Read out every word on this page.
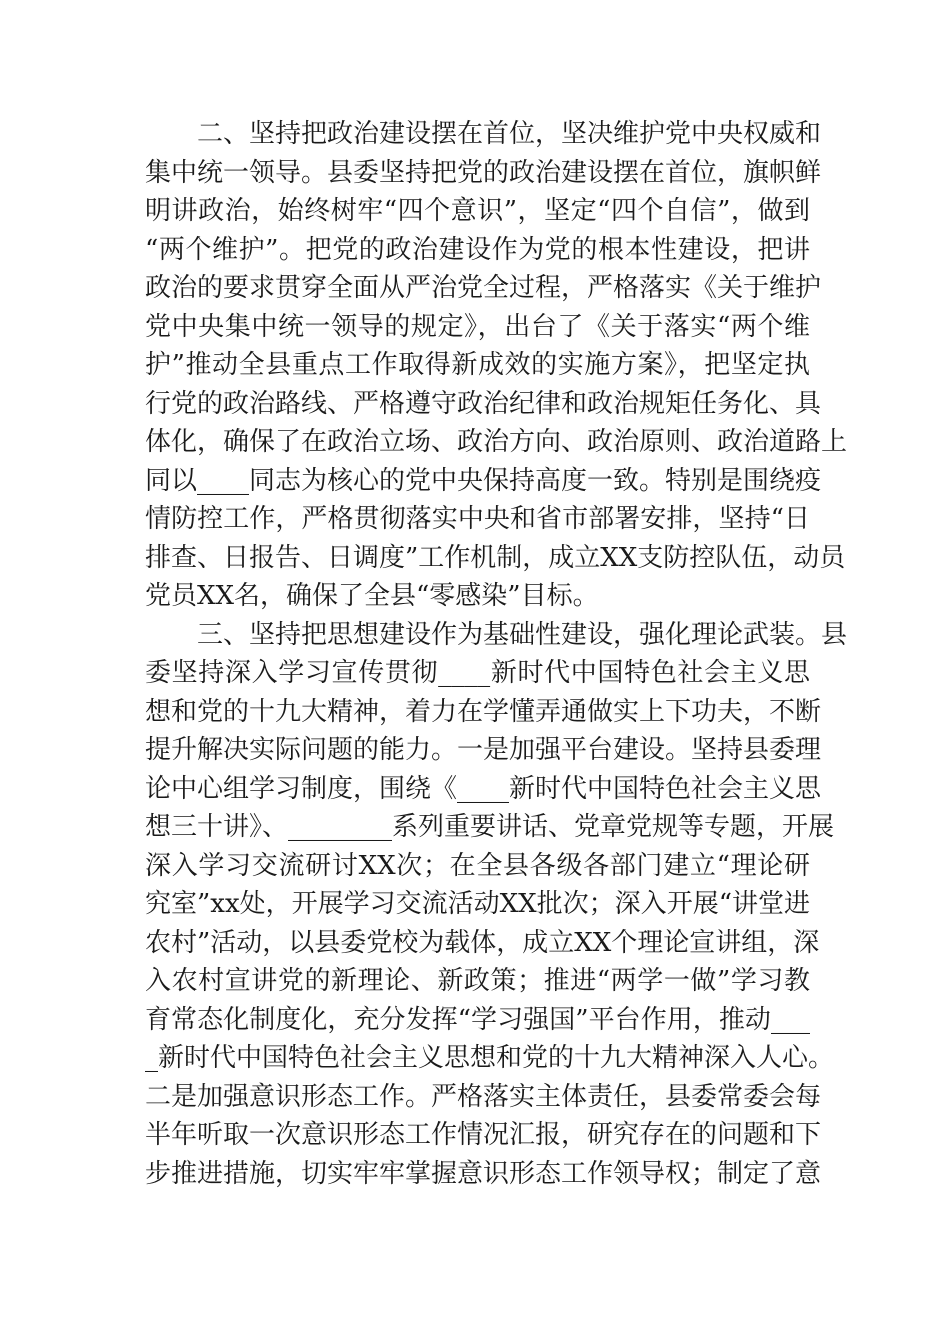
　　二、坚持把政治建设摆在首位，坚决维护党中央权威和
集中统一领导。县委坚持把党的政治建设摆在首位，旗帜鲜
明讲政治，始终树牢“四个意识”，坚定“四个自信”，做到
“两个维护”。把党的政治建设作为党的根本性建设，把讲
政治的要求贯穿全面从严治党全过程，严格落实《关于维护
党中央集中统一领导的规定》，出台了《关于落实“两个维
护”推动全县重点工作取得新成效的实施方案》，把坚定执
行党的政治路线、严格遵守政治纪律和政治规矩任务化、具
体化，确保了在政治立场、政治方向、政治原则、政治道路上
同以____同志为核心的党中央保持高度一致。特别是围绕疫
情防控工作，严格贯彻落实中央和省市部署安排，坚持“日
排查、日报告、日调度”工作机制，成立XX支防控队伍，动员
党员XX名，确保了全县“零感染”目标。
　　三、坚持把思想建设作为基础性建设，强化理论武装。县
委坚持深入学习宣传贯彻____新时代中国特色社会主义思
想和党的十九大精神，着力在学懂弄通做实上下功夫，不断
提升解决实际问题的能力。一是加强平台建设。坚持县委理
论中心组学习制度，围绕《____新时代中国特色社会主义思
想三十讲》、________系列重要讲话、党章党规等专题，开展
深入学习交流研讨XX次；在全县各级各部门建立“理论研
究室”xx处，开展学习交流活动XX批次；深入开展“讲堂进
农村”活动，以县委党校为载体，成立XX个理论宣讲组，深
入农村宣讲党的新理论、新政策；推进“两学一做”学习教
育常态化制度化，充分发挥“学习强国”平台作用，推动___
_新时代中国特色社会主义思想和党的十九大精神深入人心。
二是加强意识形态工作。严格落实主体责任，县委常委会每
半年听取一次意识形态工作情况汇报，研究存在的问题和下
步推进措施，切实牢牢掌握意识形态工作领导权；制定了意
